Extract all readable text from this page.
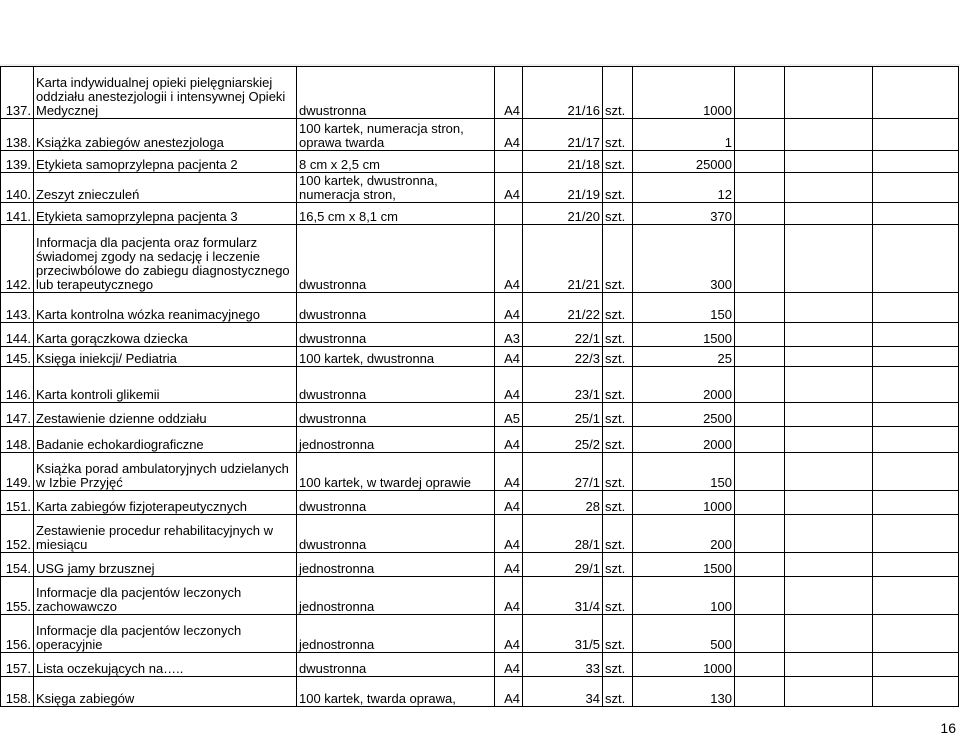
137.	Karta indywidualnej opieki pielęgniarskiej oddziału anestezjologii i intensywnej Opieki Medycznej	dwustronna	A4	21/16	szt.	1000			
138.	Książka zabiegów anestezjologa	100 kartek, numeracja stron, oprawa twarda	A4	21/17	szt.	1			
139.	Etykieta samoprzylepna pacjenta 2	8 cm x 2,5 cm		21/18	szt.	25000			
140.	Zeszyt znieczuleń	100 kartek, dwustronna, numeracja stron,	A4	21/19	szt.	12			
141.	Etykieta samoprzylepna pacjenta 3	16,5 cm x 8,1 cm		21/20	szt.	370			
142.	Informacja dla pacjenta oraz formularz świadomej zgody na sedację i leczenie przeciwbólowe do zabiegu diagnostycznego lub terapeutycznego	dwustronna	A4	21/21	szt.	300			
143.	Karta kontrolna wózka reanimacyjnego	dwustronna	A4	21/22	szt.	150			
144.	Karta gorączkowa dziecka	dwustronna	A3	22/1	szt.	1500			
145.	Księga iniekcji/ Pediatria	100 kartek, dwustronna	A4	22/3	szt.	25			
146.	Karta kontroli glikemii	dwustronna	A4	23/1	szt.	2000			
147.	Zestawienie dzienne oddziału	dwustronna	A5	25/1	szt.	2500			
148.	Badanie echokardiograficzne	jednostronna	A4	25/2	szt.	2000			
149.	Książka porad ambulatoryjnych udzielanych w Izbie Przyjęć	100 kartek, w twardej oprawie	A4	27/1	szt.	150			
151.	Karta zabiegów fizjoterapeutycznych	dwustronna	A4	28	szt.	1000			
152.	Zestawienie procedur rehabilitacyjnych w miesiącu	dwustronna	A4	28/1	szt.	200			
154.	USG jamy brzusznej	jednostronna	A4	29/1	szt.	1500			
155.	Informacje dla pacjentów leczonych zachowawczo	jednostronna	A4	31/4	szt.	100			
156.	Informacje dla pacjentów leczonych operacyjnie	jednostronna	A4	31/5	szt.	500			
157.	Lista oczekujących na…..	dwustronna	A4	33	szt.	1000			
158.	Księga zabiegów	100 kartek, twarda oprawa,	A4	34	szt.	130			
16
